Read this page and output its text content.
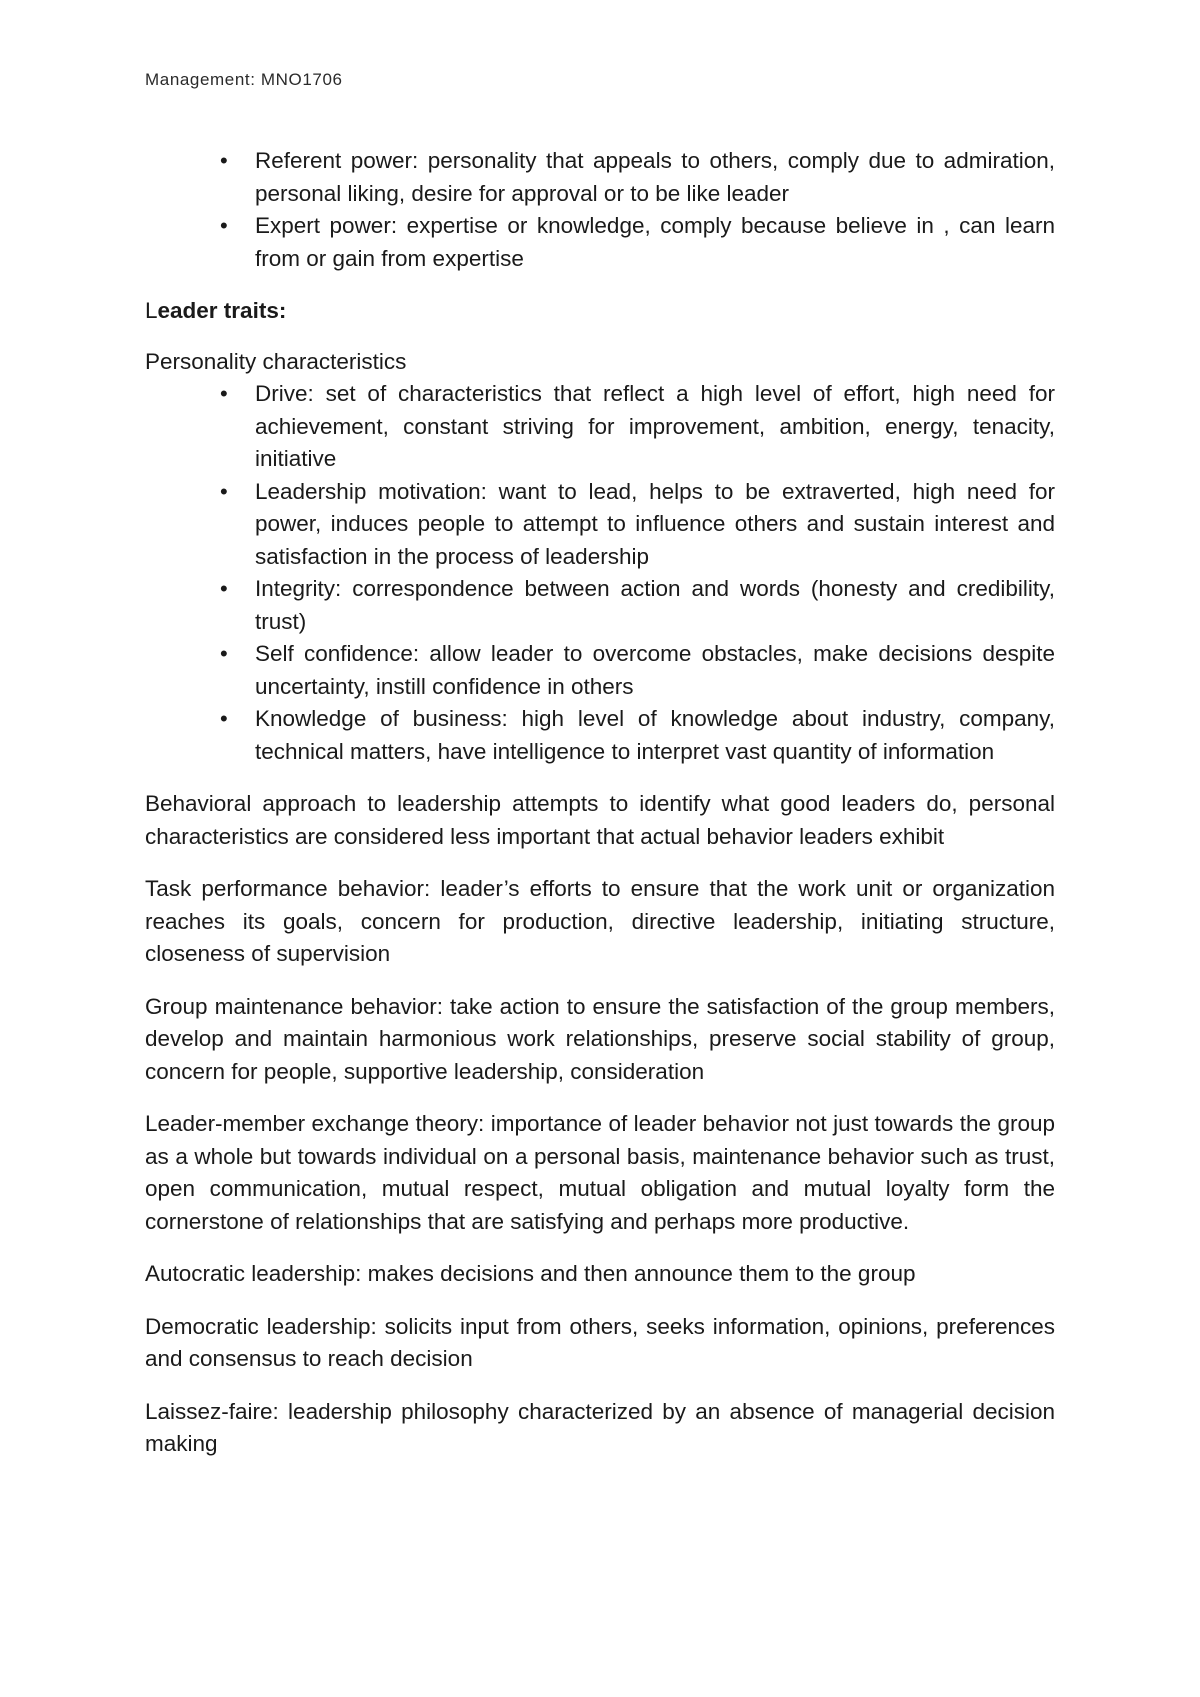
Management: MNO1706
• Referent power: personality that appeals to others, comply due to admiration, personal liking, desire for approval or to be like leader
• Expert power: expertise or knowledge, comply because believe in , can learn from or gain from expertise
Leader traits:
Personality characteristics
• Drive: set of characteristics that reflect a high level of effort, high need for achievement, constant striving for improvement, ambition, energy, tenacity, initiative
• Leadership motivation: want to lead, helps to be extraverted, high need for power, induces people to attempt to influence others and sustain interest and satisfaction in the process of leadership
• Integrity: correspondence between action and words (honesty and credibility, trust)
• Self confidence: allow leader to overcome obstacles, make decisions despite uncertainty, instill confidence in others
• Knowledge of business: high level of knowledge about industry, company, technical matters, have intelligence to interpret vast quantity of information

Behavioral approach to leadership attempts to identify what good leaders do, personal characteristics are considered less important that actual behavior leaders exhibit

Task performance behavior: leader’s efforts to ensure that the work unit or organization reaches its goals, concern for production, directive leadership, initiating structure, closeness of supervision

Group maintenance behavior: take action to ensure the satisfaction of the group members, develop and maintain harmonious work relationships, preserve social stability of group, concern for people, supportive leadership, consideration

Leader-member exchange theory: importance of leader behavior not just towards the group as a whole but towards individual on a personal basis, maintenance behavior such as trust, open communication, mutual respect, mutual obligation and mutual loyalty form the cornerstone of relationships that are satisfying and perhaps more productive.

Autocratic leadership: makes decisions and then announce them to the group

Democratic leadership: solicits input from others, seeks information, opinions, preferences and consensus to reach decision

Laissez-faire: leadership philosophy characterized by an absence of managerial decision making
